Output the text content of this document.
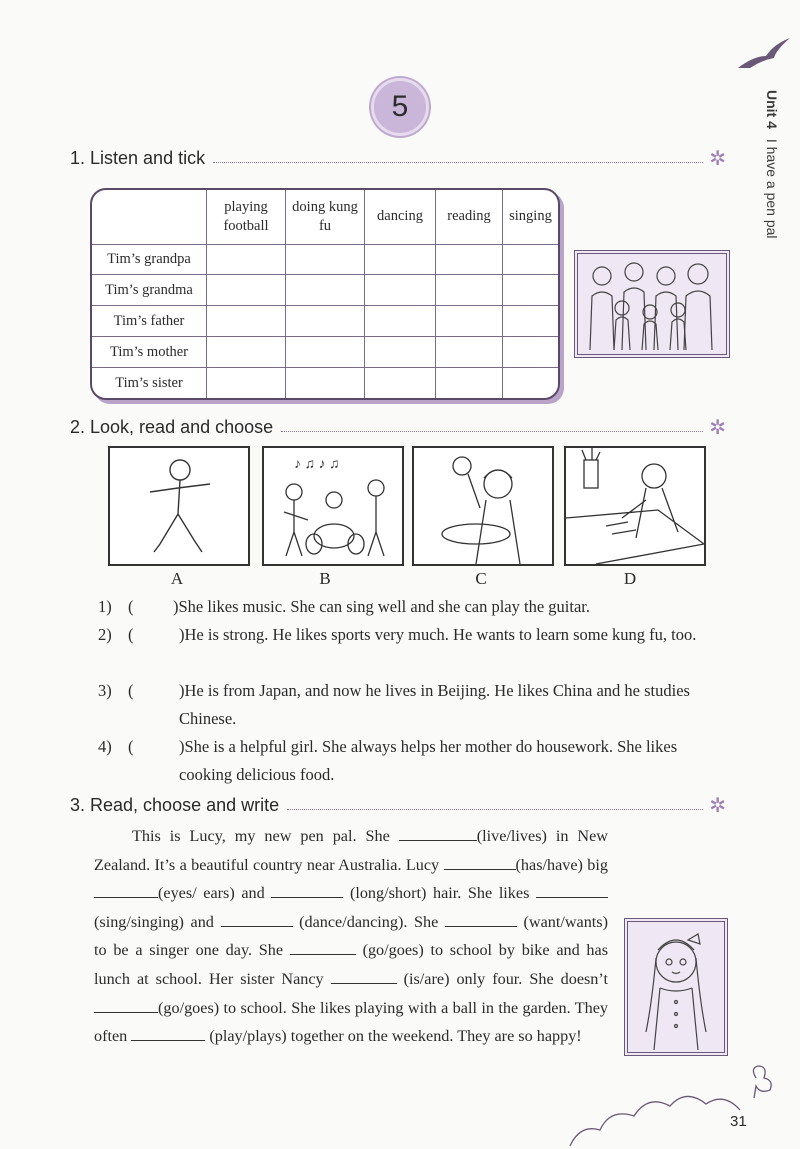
5	Unit 4I have a pen pal
1. Listen and tick	✲
	playing football	doing kung fu	dancing	reading	singing
Tim’s grandpa					
Tim’s grandma					
Tim’s father					
Tim’s mother					
Tim’s sister					
2. Look, read and choose	✲
♪ ♫ ♪ ♫
A	B	C	D
1) ( )She likes music. She can sing well and she can play the guitar.
2) (	)He is strong. He likes sports very much. He wants to learn some kung fu, too.
3) (	)He is from Japan, and now he lives in Beijing. He likes China and he studies Chinese.
4) (	)She is a helpful girl. She always helps her mother do housework. She likes cooking delicious food.
3. Read, choose and write	✲
This is Lucy, my new pen pal. She	(live/lives) in New Zealand. It’s a beautiful country near Australia. Lucy	(has/have) big (eyes/ ears) and	(long/short) hair. She likes  (sing/singing) and	(dance/dancing). She	(want/wants) to be a singer one day. She	(go/goes) to school by bike and has lunch at school. Her sister Nancy	(is/are) only four. She doesn’t (go/goes) to school. She likes playing with a ball in the garden. They often	(play/plays) together on the weekend. They are so happy!
31
